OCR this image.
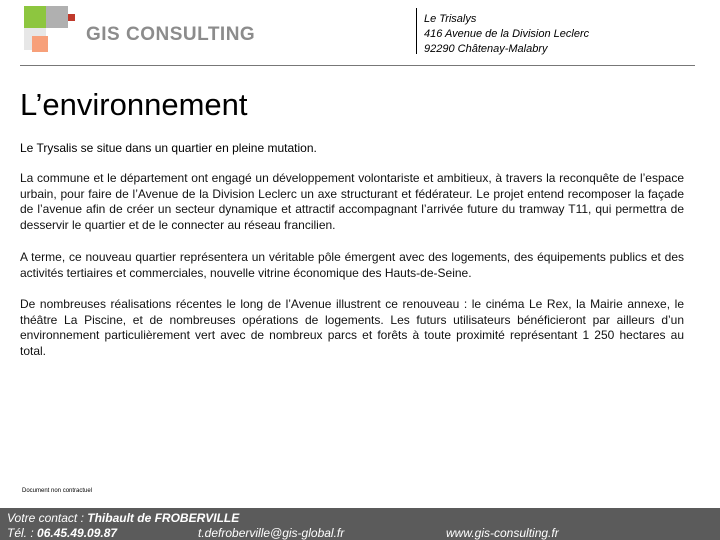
GIS CONSULTING
Le Trisalys
416 Avenue de la Division Leclerc
92290 Châtenay-Malabry
L’environnement

Le Trysalis se situe dans un quartier en pleine mutation.

La commune et le département ont engagé un développement volontariste et ambitieux, à travers la reconquête de l’espace urbain, pour faire de l’Avenue de la Division Leclerc un axe structurant et fédérateur. Le projet entend recomposer la façade de l’avenue afin de créer un secteur dynamique et attractif accompagnant l’arrivée future du tramway T11, qui permettra de desservir le quartier et de le connecter au réseau francilien.

A terme, ce nouveau quartier représentera un véritable pôle émergent avec des logements, des équipements publics et des activités tertiaires et commerciales, nouvelle vitrine économique des Hauts-de-Seine.

De nombreuses réalisations récentes le long de l’Avenue illustrent ce renouveau : le cinéma Le Rex, la Mairie annexe, le théâtre La Piscine, et de nombreuses opérations de logements. Les futurs utilisateurs bénéficieront par ailleurs d’un environnement particulièrement vert avec de nombreux parcs et forêts à toute proximité représentant 1 250 hectares au total.

Document non contractuel
Votre contact : Thibault de FROBERVILLE
Tél. : 06.45.49.09.87	t.defroberville@gis-global.fr	www.gis-consulting.fr
